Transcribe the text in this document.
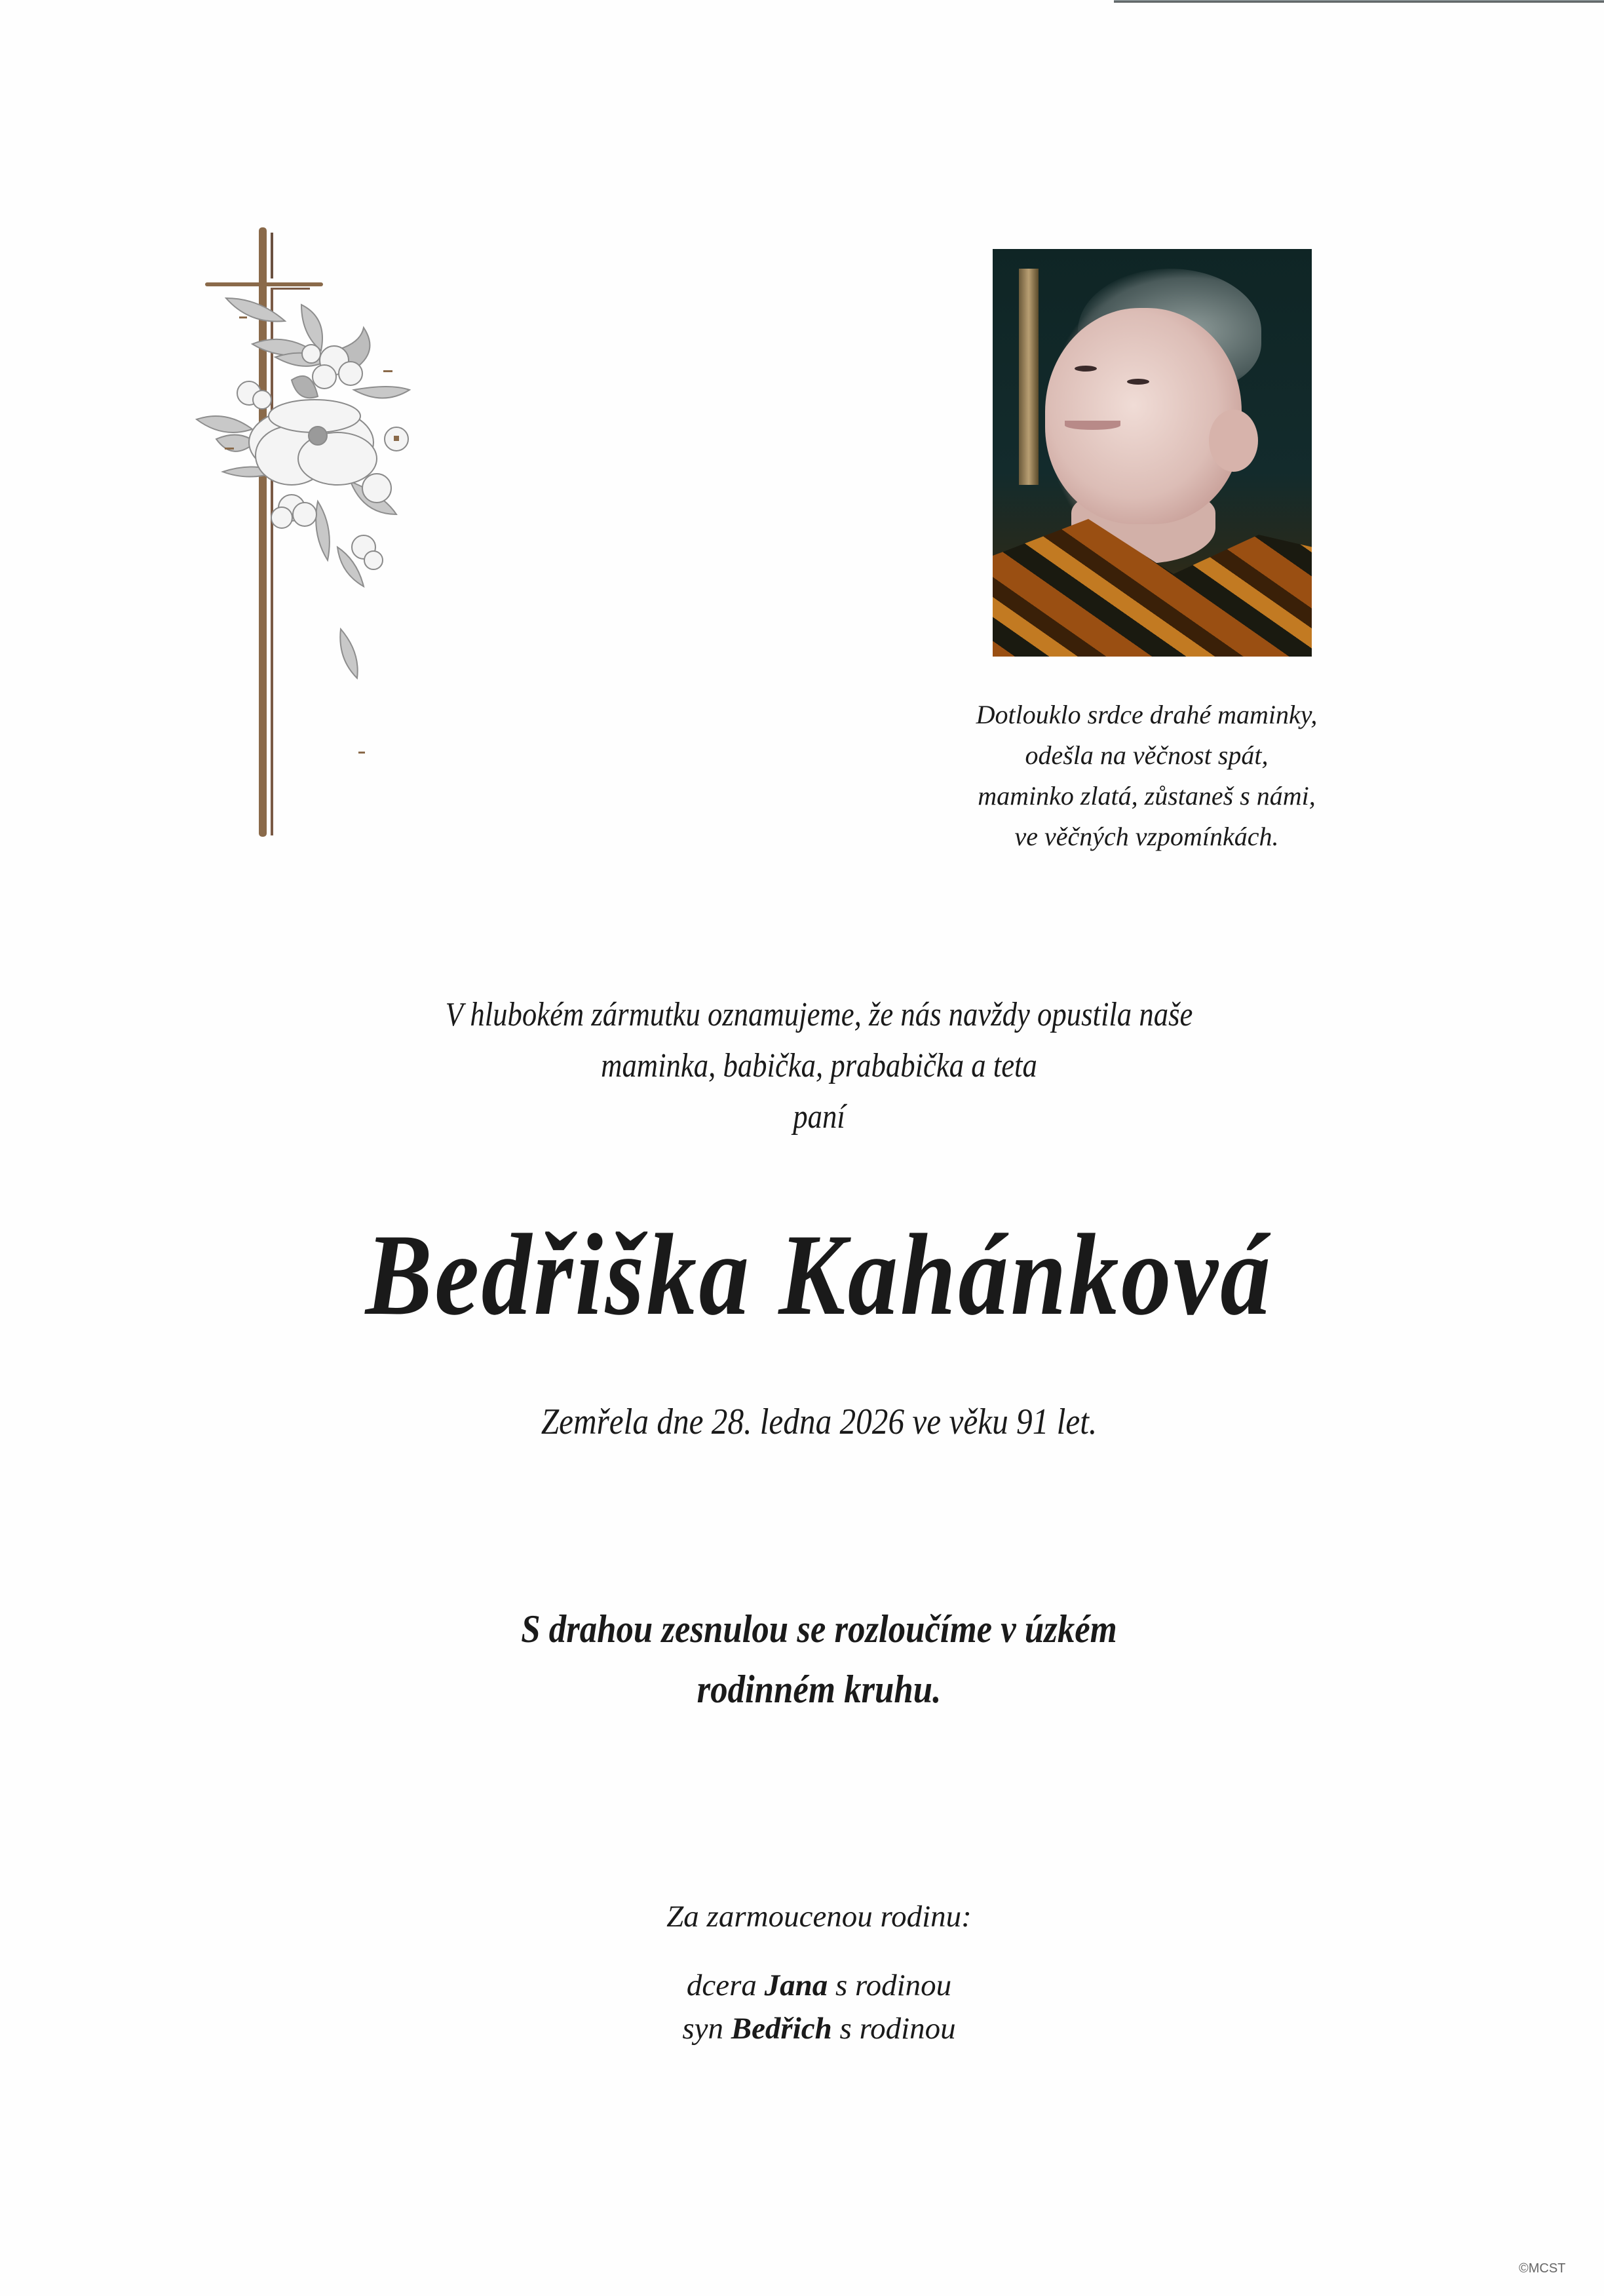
Dotlouklo srdce drahé maminky,
odešla na věčnost spát,
maminko zlatá, zůstaneš s námi,
ve věčných vzpomínkách.
V hlubokém zármutku oznamujeme, že nás navždy opustila naše
maminka, babička, prababička a teta
paní
Bedřiška Kahánková
Zemřela dne 28. ledna 2026 ve věku 91 let.
S drahou zesnulou se rozloučíme v úzkém
rodinném kruhu.
Za zarmoucenou rodinu:
dcera Jana s rodinou
syn Bedřich s rodinou
©MCST
